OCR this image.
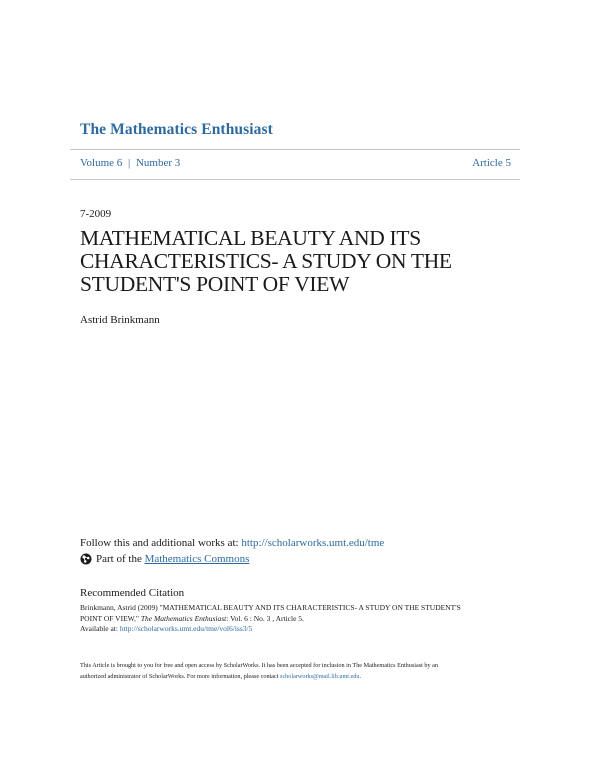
The Mathematics Enthusiast
Volume 6 | Number 3	Article 5
7-2009
MATHEMATICAL BEAUTY AND ITS
CHARACTERISTICS- A STUDY ON THE
STUDENT'S POINT OF VIEW
Astrid Brinkmann
Follow this and additional works at: http://scholarworks.umt.edu/tme
Part of the
Mathematics Commons
Recommended Citation
Brinkmann, Astrid (2009) "MATHEMATICAL BEAUTY AND ITS CHARACTERISTICS- A STUDY ON THE STUDENT'S
POINT OF VIEW," The Mathematics Enthusiast: Vol. 6 : No. 3 , Article 5.
Available at: http://scholarworks.umt.edu/tme/vol6/iss3/5
This Article is brought to you for free and open access by ScholarWorks. It has been accepted for inclusion in The Mathematics Enthusiast by an
authorized administrator of ScholarWorks. For more information, please contact scholarworks@mail.lib.umt.edu.
